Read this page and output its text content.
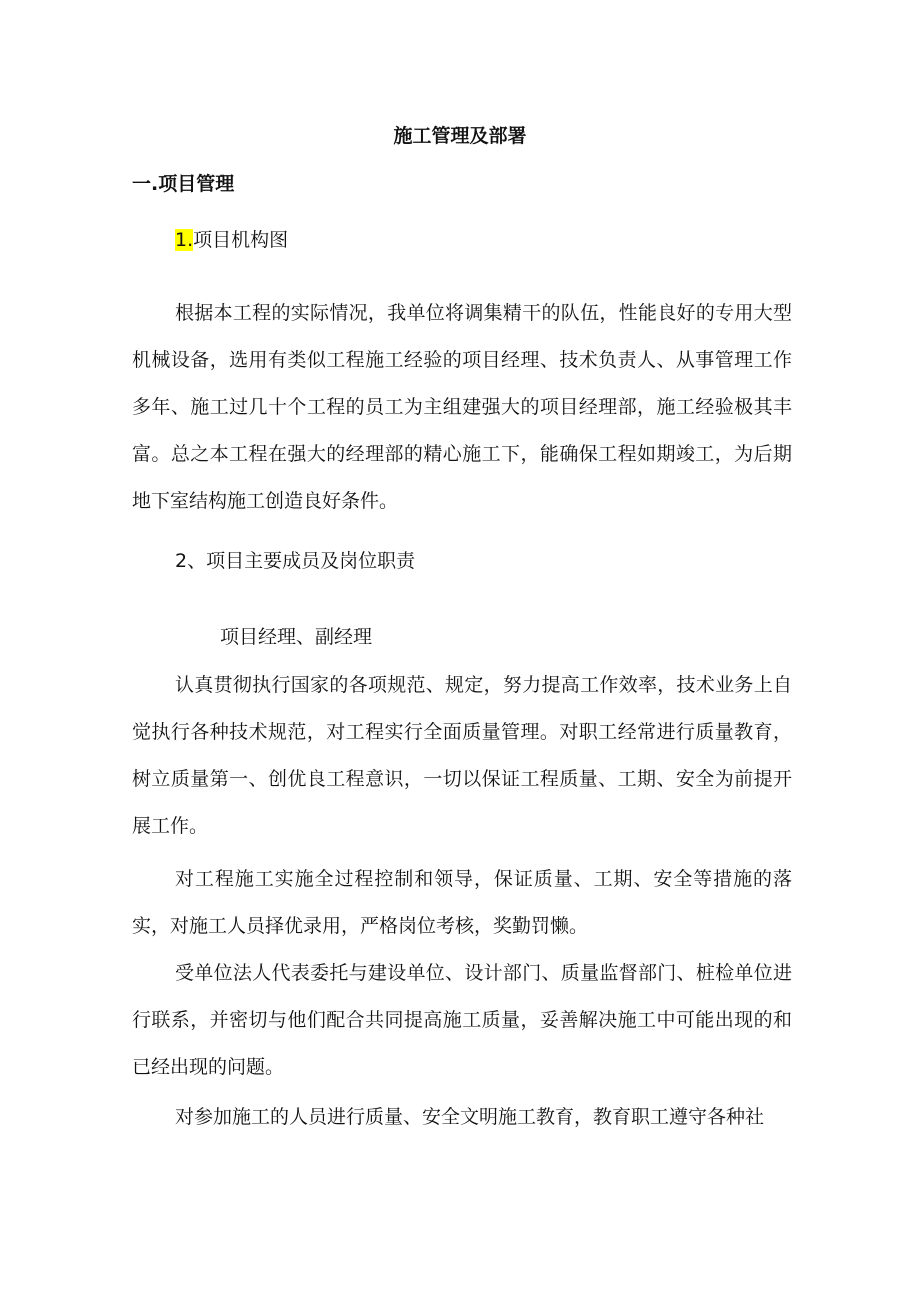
施工管理及部署
一.项目管理
1.项目机构图

根据本工程的实际情况，我单位将调集精干的队伍，性能良好的专用大型机械设备，选用有类似工程施工经验的项目经理、技术负责人、从事管理工作多年、施工过几十个工程的员工为主组建强大的项目经理部，施工经验极其丰富。总之本工程在强大的经理部的精心施工下，能确保工程如期竣工，为后期地下室结构施工创造良好条件。

2、项目主要成员及岗位职责
项目经理、副经理

认真贯彻执行国家的各项规范、规定，努力提高工作效率，技术业务上自觉执行各种技术规范，对工程实行全面质量管理。对职工经常进行质量教育，树立质量第一、创优良工程意识，一切以保证工程质量、工期、安全为前提开展工作。

对工程施工实施全过程控制和领导，保证质量、工期、安全等措施的落实，对施工人员择优录用，严格岗位考核，奖勤罚懒。

受单位法人代表委托与建设单位、设计部门、质量监督部门、桩检单位进行联系，并密切与他们配合共同提高施工质量，妥善解决施工中可能出现的和已经出现的问题。

对参加施工的人员进行质量、安全文明施工教育，教育职工遵守各种社
